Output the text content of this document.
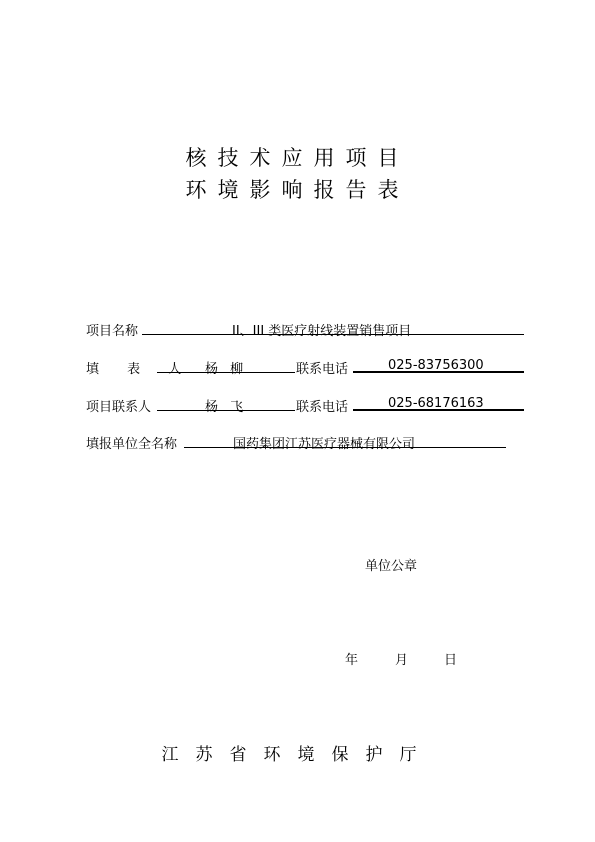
核技术应用项目
环境影响报告表
项目名称	II、III 类医疗射线装置销售项目
填 表 人 杨 柳	联系电话	025-83756300
项目联系人	杨 飞	联系电话	025-68176163
填报单位全名称	国药集团江苏医疗器械有限公司
单位公章
年	月	日
江苏省环境保护厅
